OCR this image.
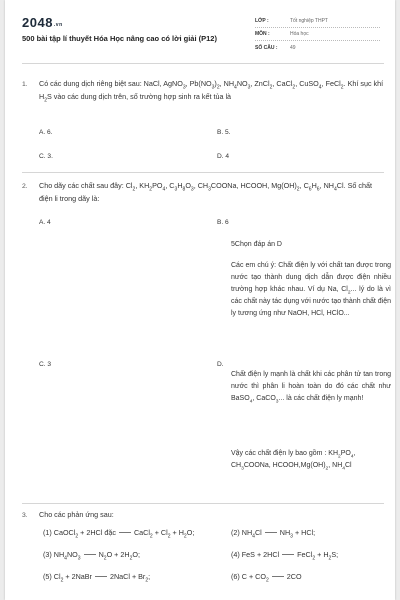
2048.vn
500 bài tập lí thuyết Hóa Học nâng cao có lời giải (P12)
LỚP :	Tốt nghiệp THPT
MÔN :	Hóa học
SỐ CÂU :	49
1. Có các dung dịch riêng biệt sau: NaCl, AgNO$_3$, $Pb(NO_3)_2$, $NH_4NO_3$, ZnCl$_2$, CaCl$_2$, CuSO$_4$, FeCl$_2$. Khí sục khí $H_2S$ vào các dung dịch trên, số trường hợp sinh ra kết tủa là
A. 6.	B. 5.
C. 3.	D. 4
2. Cho dãy các chất sau đây: $Cl_2$, $KH_2PO_4$, $C_3H_8O_3$, $CH_3COONa$, HCOOH, $Mg(OH)_2$, $C_6H_6$, $NH_4Cl$. Số chất điện li trong dãy là:
A. 4	B. 6
5Chọn đáp án D
Các em chú ý: Chất điện ly với chất tan được trong nước tạo thành dung dịch dẫn được điện nhiều trường hợp khác nhau. Ví dụ Na, $Cl_2$... lý do là vì các chất này tác dụng với nước tạo thành chất điện ly tương ứng như NaOH, HCl, HClO...
C. 3	D.
Chất điện ly mạnh là chất khi các phân tử tan trong nước thì phân li hoàn toàn do đó các chất như BaSO$_4$, CaCO$_3$... là các chất điện ly mạnh!
Vậy các chất điện ly bao gồm : $KH_2PO_4$, $CH_3COONa$, $HCOOH,Mg(OH)_2$, $NH_4Cl$
3. Cho các phản ứng sau:
(1) CaOCl$_2$ + 2HCl đặc	CaCl$_2$ + $Cl_2 + H_2O$;	(2) $NH_4Cl$	$NH_3$ + HCl;
(3) $NH_4NO_3$	$N_2O + 2H_2O$;	(4) FeS + 2HCl	FeCl$_2$ + $H_2S$;
(5) $Cl_2$ + 2NaBr	2NaCl + $Br_2$;	(6) $C + CO_2$	2CO
